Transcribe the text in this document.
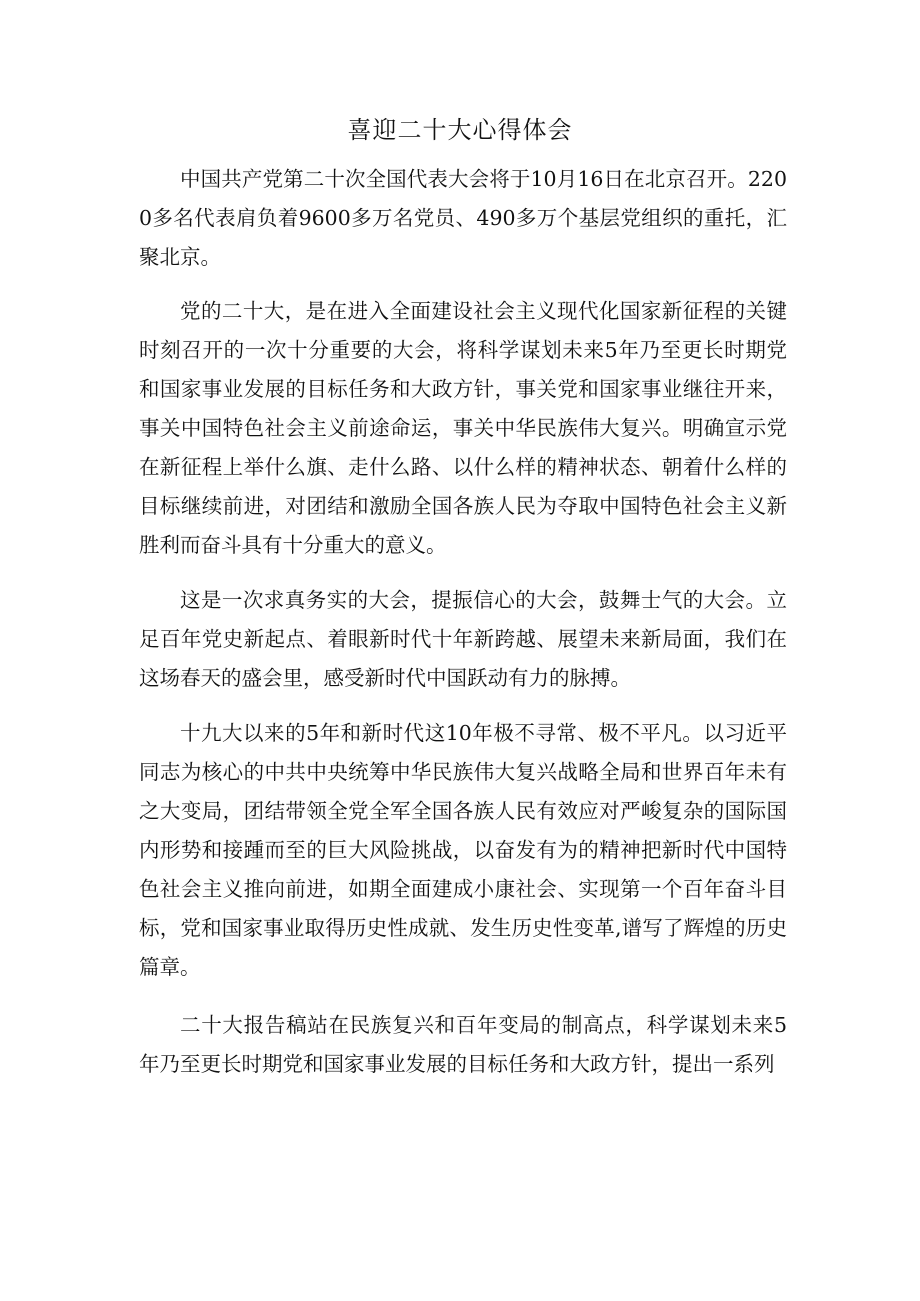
喜迎二十大心得体会

中国共产党第二十次全国代表大会将于10月16日在北京召开。2200多名代表肩负着9600多万名党员、490多万个基层党组织的重托，汇聚北京。

党的二十大，是在进入全面建设社会主义现代化国家新征程的关键时刻召开的一次十分重要的大会，将科学谋划未来5年乃至更长时期党和国家事业发展的目标任务和大政方针，事关党和国家事业继往开来，事关中国特色社会主义前途命运，事关中华民族伟大复兴。明确宣示党在新征程上举什么旗、走什么路、以什么样的精神状态、朝着什么样的目标继续前进，对团结和激励全国各族人民为夺取中国特色社会主义新胜利而奋斗具有十分重大的意义。

这是一次求真务实的大会，提振信心的大会，鼓舞士气的大会。立足百年党史新起点、着眼新时代十年新跨越、展望未来新局面，我们在这场春天的盛会里，感受新时代中国跃动有力的脉搏。

十九大以来的5年和新时代这10年极不寻常、极不平凡。以习近平同志为核心的中共中央统筹中华民族伟大复兴战略全局和世界百年未有之大变局，团结带领全党全军全国各族人民有效应对严峻复杂的国际国内形势和接踵而至的巨大风险挑战，以奋发有为的精神把新时代中国特色社会主义推向前进，如期全面建成小康社会、实现第一个百年奋斗目标，党和国家事业取得历史性成就、发生历史性变革,谱写了辉煌的历史篇章。

二十大报告稿站在民族复兴和百年变局的制高点，科学谋划未来5年乃至更长时期党和国家事业发展的目标任务和大政方针，提出一系列
